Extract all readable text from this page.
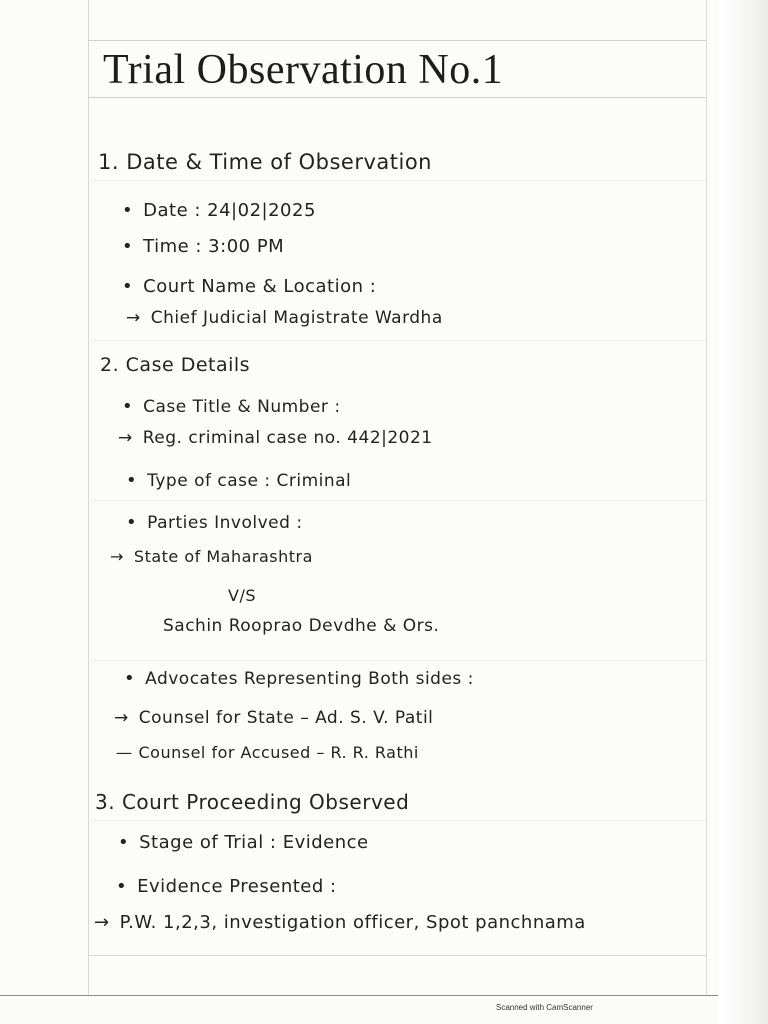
Trial Observation No.1
1. Date & Time of Observation
• Date : 24|02|2025
• Time : 3:00 PM
• Court Name & Location :
→ Chief Judicial Magistrate Wardha
2. Case Details
• Case Title & Number :
→ Reg. criminal case no. 442|2021
• Type of case : Criminal
• Parties Involved :
→ State of Maharashtra
V/S
Sachin Rooprao Devdhe & Ors.
• Advocates Representing Both sides :
→ Counsel for State – Ad. S. V. Patil
— Counsel for Accused – R. R. Rathi
3. Court Proceeding Observed
• Stage of Trial : Evidence
• Evidence Presented :
→ P.W. 1,2,3, investigation officer, Spot panchnama
Scanned with CamScanner
